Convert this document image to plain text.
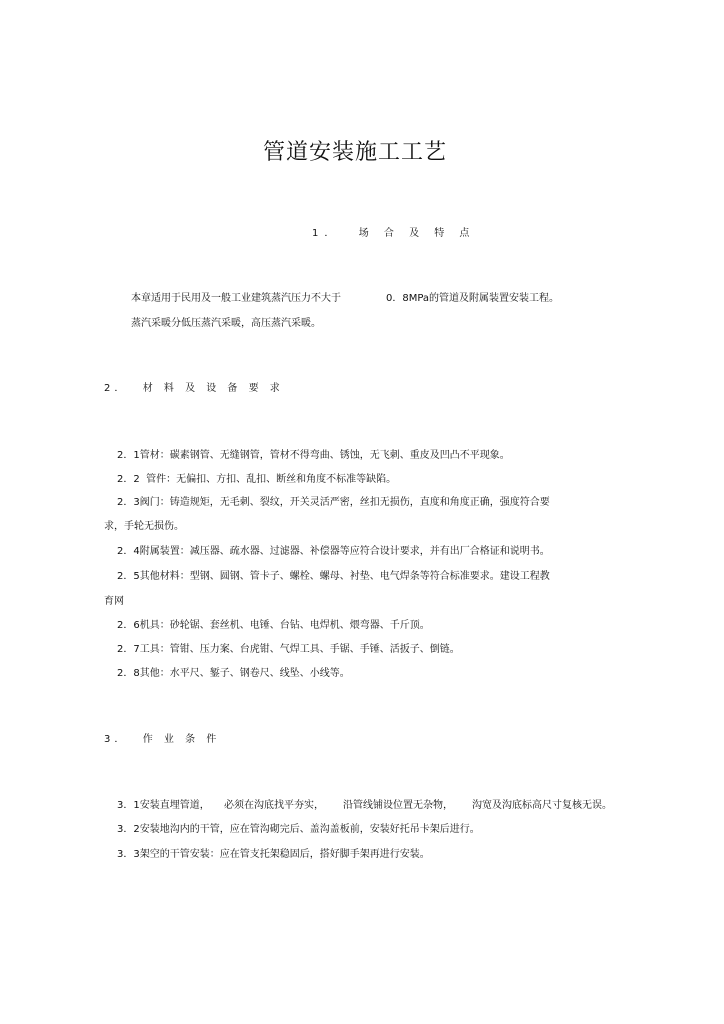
管道安装施工工艺
1．  场 合 及 特 点
本章适用于民用及一般工业建筑蒸汽压力不大于	0．8MPa的管道及附属装置安装工程。
蒸汽采暖分低压蒸汽采暖，高压蒸汽采暖。
2．  材 料 及 设 备 要 求
2．1管材：碳素钢管、无缝钢管，管材不得弯曲、锈蚀，无飞刺、重皮及凹凸不平现象。
2．2  管件：无偏扣、方扣、乱扣、断丝和角度不标准等缺陷。
2．3阀门：铸造规矩，无毛刺、裂纹，开关灵活严密，丝扣无损伤，直度和角度正确，强度符合要
求，手轮无损伤。
2．4附属装置：减压器、疏水器、过滤器、补偿器等应符合设计要求，并有出厂合格证和说明书。
2．5其他材料：型钢、圆钢、管卡子、螺栓、螺母、衬垫、电气焊条等符合标准要求。建设工程教
育网
2．6机具：砂轮锯、套丝机、电锤、台钻、电焊机、煨弯器、千斤顶。
2．7工具：管钳、压力案、台虎钳、气焊工具、手锯、手锤、活扳子、倒链。
2．8其他：水平尺、錾子、钢卷尺、线坠、小线等。
3．  作 业 条 件
3．1安装直埋管道， 必须在沟底找平夯实， 沿管线铺设位置无杂物， 沟宽及沟底标高尺寸复核无误。
3．2安装地沟内的干管，应在管沟砌完后、盖沟盖板前，安装好托吊卡架后进行。
3．3架空的干管安装：应在管支托架稳固后，搭好脚手架再进行安装。
